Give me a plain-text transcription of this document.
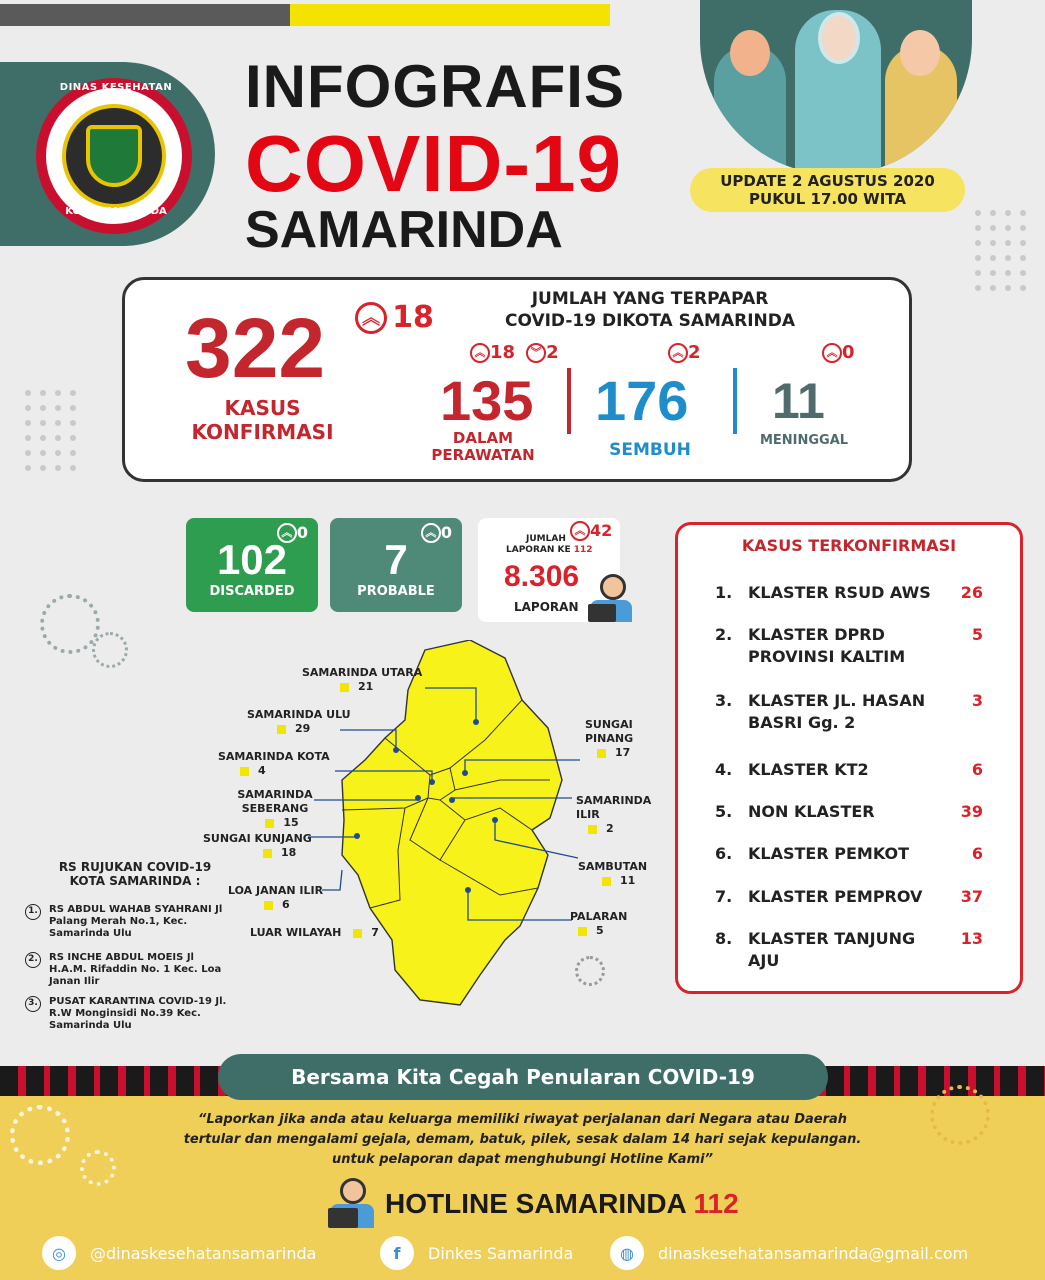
DINAS KESEHATAN
KOTA SAMARINDA
INFOGRAFIS
COVID-19
SAMARINDA
UPDATE 2 AGUSTUS 2020
PUKUL 17.00 WITA
322	︽ 18
KASUS
KONFIRMASI
JUMLAH YANG TERPAPAR
COVID-19 DIKOTA SAMARINDA
︽ 18 ︾ 2
135
DALAM
PERAWATAN
︽ 2
176
SEMBUH
︽ 0
11
MENINGGAL
︽ 0
102
DISCARDED
︽ 0
7
PROBABLE
︽ 42
JUMLAH
LAPORAN KE 112
8.306
LAPORAN
SAMARINDA UTARA
21
SAMARINDA ULU
29
SAMARINDA KOTA
4
SAMARINDA SEBERANG
15
SUNGAI KUNJANG
18
LOA JANAN ILIR
6
LUAR WILAYAH	7
SUNGAI
PINANG
17
SAMARINDA
ILIR
2
SAMBUTAN
11
PALARAN
5
KASUS TERKONFIRMASI
1. KLASTER RSUD AWS	26
2. KLASTER DPRD PROVINSI KALTIM
5
3. KLASTER JL. HASAN BASRI Gg. 2
3
4. KLASTER KT2	6
5. NON KLASTER	39
6. KLASTER PEMKOT	6
7. KLASTER PEMPROV	37
8. KLASTER TANJUNG AJU
13
RS RUJUKAN COVID-19 KOTA SAMARINDA :
1.	RS ABDUL WAHAB SYAHRANI Jl Palang Merah No.1, Kec. Samarinda Ulu
2.	RS INCHE ABDUL MOEIS Jl H.A.M. Rifaddin No. 1 Kec. Loa Janan Ilir
3.	PUSAT KARANTINA COVID-19 Jl. R.W Monginsidi No.39 Kec. Samarinda Ulu
Bersama Kita Cegah Penularan COVID-19
“Laporkan jika anda atau keluarga memiliki riwayat perjalanan dari Negara atau Daerah
tertular dan mengalami gejala, demam, batuk, pilek, sesak dalam 14 hari sejak kepulangan.
untuk pelaporan dapat menghubungi Hotline Kami”
HOTLINE SAMARINDA 112
◎	@dinaskesehatansamarinda	f	Dinkes Samarinda	◍	dinaskesehatansamarinda@gmail.com
